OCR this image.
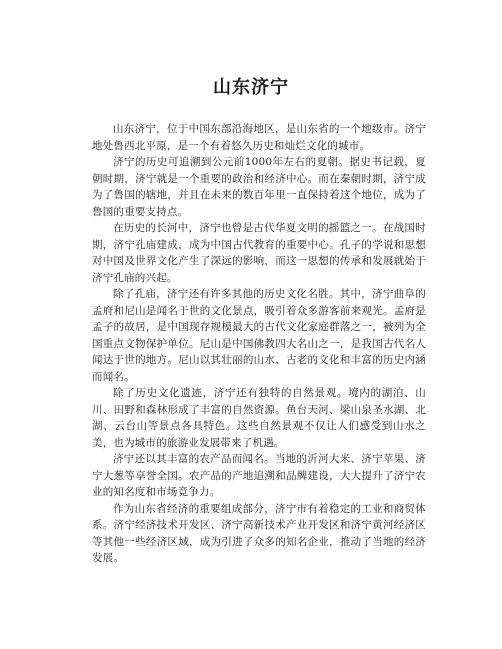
山东济宁

山东济宁，位于中国东部沿海地区，是山东省的一个地级市。济宁地处鲁西北平原，是一个有着悠久历史和灿烂文化的城市。

济宁的历史可追溯到公元前1000年左右的夏朝。据史书记载，夏朝时期，济宁就是一个重要的政治和经济中心。而在秦朝时期，济宁成为了鲁国的辖地，并且在未来的数百年里一直保持着这个地位，成为了鲁国的重要支持点。

在历史的长河中，济宁也曾是古代华夏文明的摇篮之一。在战国时期，济宁孔庙建成，成为中国古代教育的重要中心。孔子的学说和思想对中国及世界文化产生了深远的影响，而这一思想的传承和发展就始于济宁孔庙的兴起。

除了孔庙，济宁还有许多其他的历史文化名胜。其中，济宁曲阜的孟府和尼山是闻名于世的文化景点，吸引着众多游客前来观光。孟府是孟子的故居，是中国现存规模最大的古代文化家庭群落之一，被列为全国重点文物保护单位。尼山是中国佛教四大名山之一，是我国古代名人闻达于世的地方。尼山以其壮丽的山水、古老的文化和丰富的历史内涵而闻名。

除了历史文化遗迹，济宁还有独特的自然景观。境内的湖泊、山川、田野和森林形成了丰富的自然资源。鱼台天河、梁山泉圣水湖、北湖、云台山等景点各具特色。这些自然景观不仅让人们感受到山水之美，也为城市的旅游业发展带来了机遇。

济宁还以其丰富的农产品而闻名。当地的沂河大米、济宁苹果、济宁大葱等享誉全国。农产品的产地追溯和品牌建设，大大提升了济宁农业的知名度和市场竞争力。

作为山东省经济的重要组成部分，济宁市有着稳定的工业和商贸体系。济宁经济技术开发区、济宁高新技术产业开发区和济宁黄河经济区等其他一些经济区域，成为引进了众多的知名企业，推动了当地的经济发展。
